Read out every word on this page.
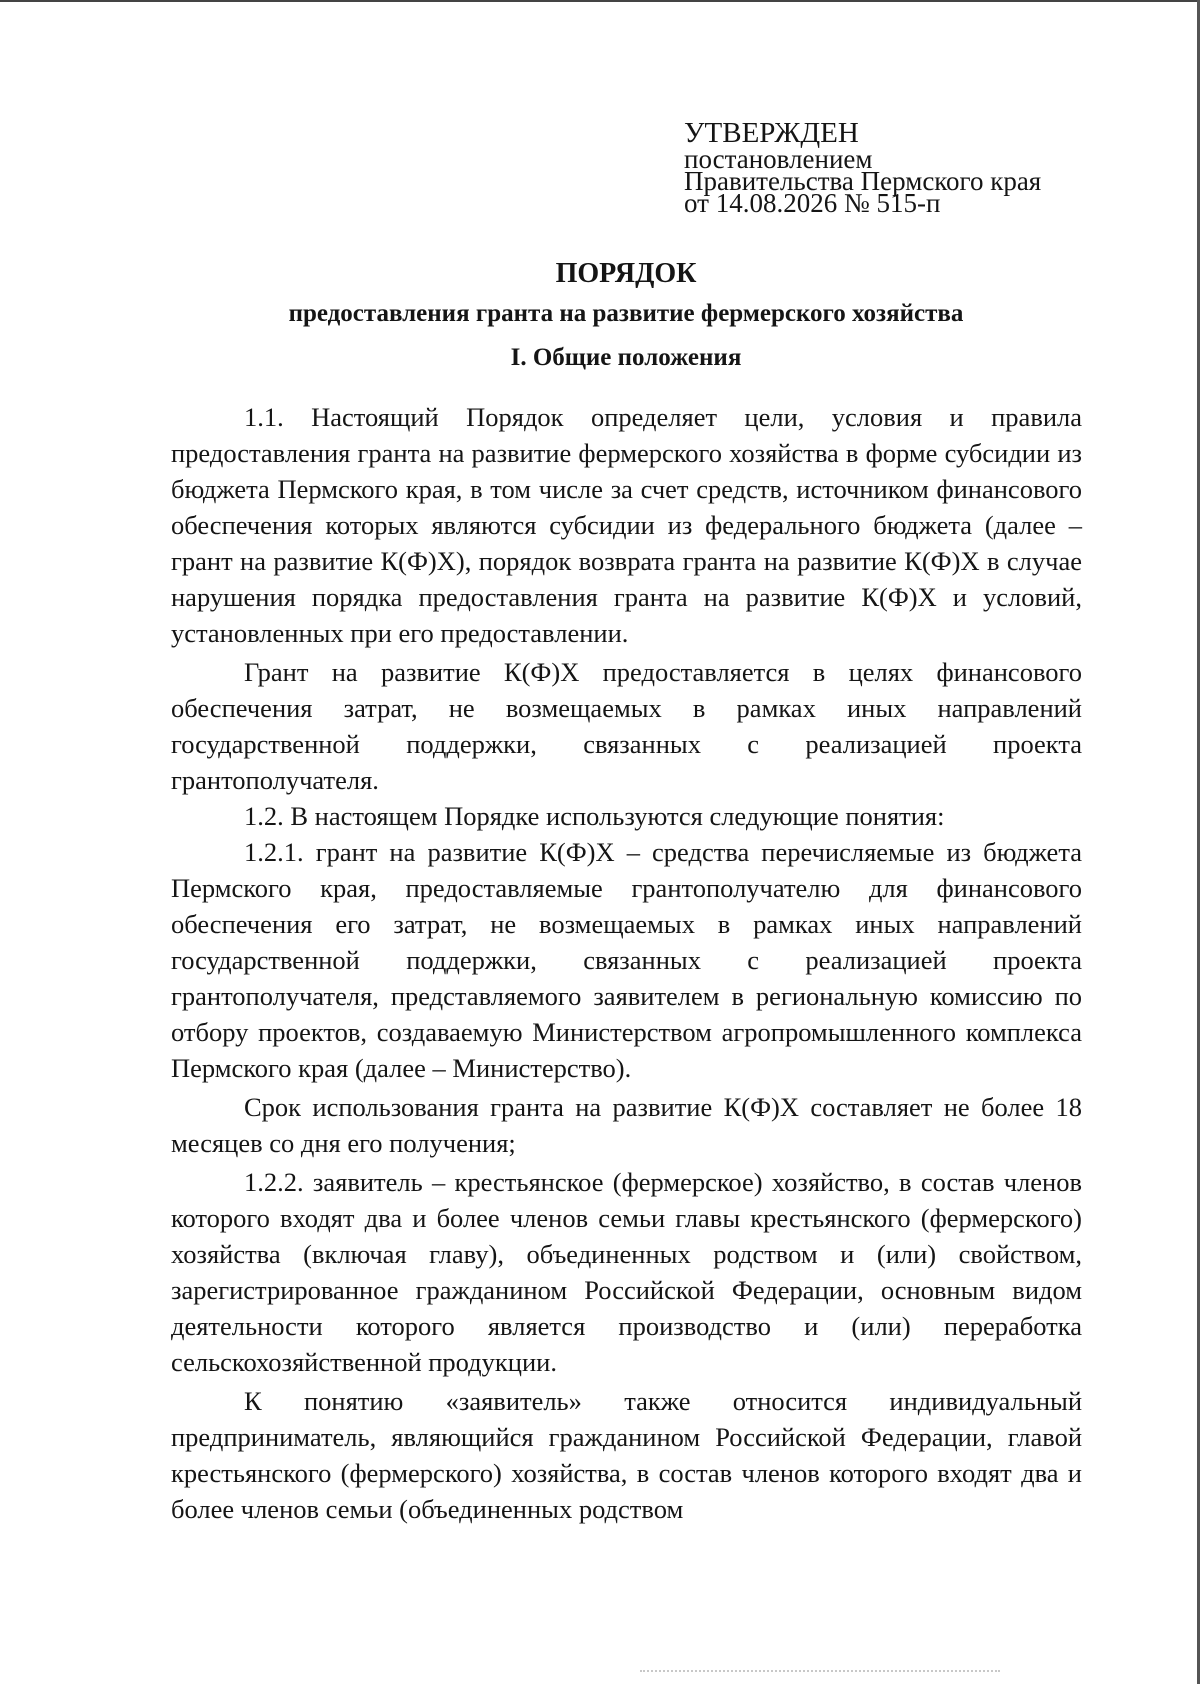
УТВЕРЖДЕН
постановлением
Правительства Пермского края
от 14.08.2026 № 515-п
ПОРЯДОК
предоставления гранта на развитие фермерского хозяйства
I. Общие положения

1.1. Настоящий Порядок определяет цели, условия и правила предоставления гранта на развитие фермерского хозяйства в форме субсидии из бюджета Пермского края, в том числе за счет средств, источником финансового обеспечения которых являются субсидии из федерального бюджета (далее – грант на развитие К(Ф)Х), порядок возврата гранта на развитие К(Ф)Х в случае нарушения порядка предоставления гранта на развитие К(Ф)Х и условий, установленных при его предоставлении.

Грант на развитие К(Ф)Х предоставляется в целях финансового обеспечения затрат, не возмещаемых в рамках иных направлений государственной поддержки, связанных с реализацией проекта грантополучателя.

1.2. В настоящем Порядке используются следующие понятия:

1.2.1. грант на развитие К(Ф)Х – средства перечисляемые из бюджета Пермского края, предоставляемые грантополучателю для финансового обеспечения его затрат, не возмещаемых в рамках иных направлений государственной поддержки, связанных с реализацией проекта грантополучателя, представляемого заявителем в региональную комиссию по отбору проектов, создаваемую Министерством агропромышленного комплекса Пермского края (далее – Министерство).

Срок использования гранта на развитие К(Ф)Х составляет не более 18 месяцев со дня его получения;

1.2.2. заявитель – крестьянское (фермерское) хозяйство, в состав членов которого входят два и более членов семьи главы крестьянского (фермерского) хозяйства (включая главу), объединенных родством и (или) свойством, зарегистрированное гражданином Российской Федерации, основным видом деятельности которого является производство и (или) переработка сельскохозяйственной продукции.

К понятию «заявитель» также относится индивидуальный предприниматель, являющийся гражданином Российской Федерации, главой крестьянского (фермерского) хозяйства, в состав членов которого входят два и более членов семьи (объединенных родством
